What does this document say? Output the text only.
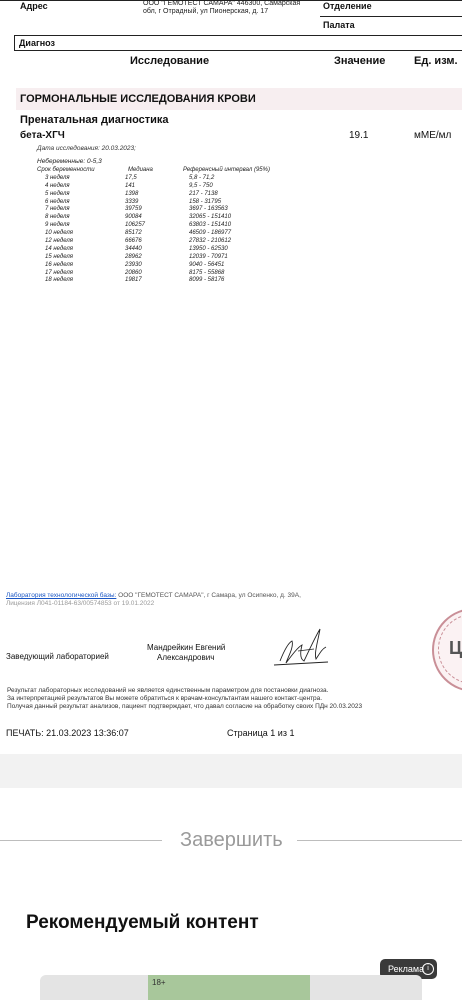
Адрес	ООО "ГЕМОТЕСТ САМАРА" 446300, Самарская
обл, г Отрадный, ул Пионерская, д. 17
Отделение
Палата
Диагноз
Исследование	Значение	Ед. изм.
ГОРМОНАЛЬНЫЕ ИССЛЕДОВАНИЯ КРОВИ
Пренатальная диагностика
бета-ХГЧ	19.1	мМЕ/мл
Дата исследования: 20.03.2023;
Небеременные: 0-5,3
Срок беременности	Медиана	Референсный интервал (95%)
3 неделя	17,5	5,8 - 71,2
4 неделя	141	9,5 - 750
5 неделя	1398	217 - 7138
6 неделя	3339	158 - 31795
7 неделя	39759	3697 - 163563
8 неделя	90084	32065 - 151410
9 неделя	106257	63803 - 151410
10 неделя	85172	46509 - 186977
12 неделя	66676	27832 - 210612
14 неделя	34440	13950 - 62530
15 неделя	28962	12039 - 70971
16 неделя	23930	9040 - 56451
17 неделя	20860	8175 - 55868
18 неделя	19817	8099 - 58176
Лаборатория технологической базы: ООО "ГЕМОТЕСТ САМАРА", г Самара, ул Осипенко, д. 39А,
Лицензия Л041-01184-63/00574853 от 19.01.2022
Заведующий лабораторией
Мандрейкин Евгений
Александрович	Ц
Результат лабораторных исследований не является единственным параметром для постановки диагноза.
За интерпретацией результатов Вы можете обратиться к врачам-консультантам нашего контакт-центра.
Получая данный результат анализов, пациент подтверждает, что давал согласие на обработку своих ПДн 20.03.2023
ПЕЧАТЬ: 21.03.2023 13:36:07	Страница 1 из 1
Завершить
Рекомендуемый контент
Реклама i
18+
